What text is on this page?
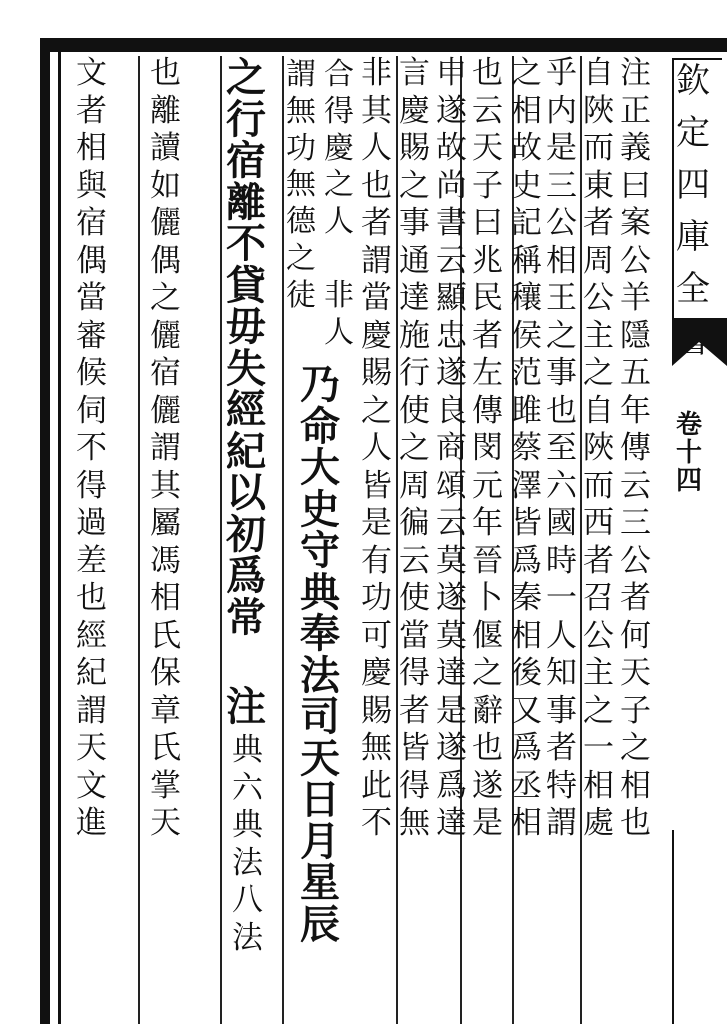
欽
定
四
庫
全
卷
十
四
注
正
義
曰
案
公
羊
隱
五
年
傳
云
三
公
者
何
天
子
之
相
也
自
陜
而
東
者
周
公
主
之
自
陜
而
西
者
召
公
主
之
一
相
處
乎
内
是
三
公
相
王
之
事
也
至
六
國
時
一
人
知
事
者
特
謂
之
相
故
史
記
稱
穰
侯
范
雎
蔡
澤
皆
爲
秦
相
後
又
爲
丞
相
也
云
天
子
曰
兆
民
者
左
傳
閔
元
年
晉
卜
偃
之
辭
也
遂
是
申
遂
故
尚
書
云
顯
忠
遂
良
商
頌
云
莫
遂
莫
達
是
遂
爲
達
言
慶
賜
之
事
通
達
施
行
使
之
周
徧
云
使
當
得
者
皆
得
無
非
其
人
也
者
謂
當
慶
賜
之
人
皆
是
有
功
可
慶
賜
無
此
不
合
得
慶
之
人

非
人
謂
無
功
無
德
之
徒
乃
命
大
史
守
典
奉
法
司
天
日
月
星
辰
之
行
宿
離
不
貸
毋
失
經
紀
以
初
爲
常
注
典
六
典
法
八
法
也
離
讀
如
儷
偶
之
儷
宿
儷
謂
其
屬
馮
相
氏
保
章
氏
掌
天
文
者
相
與
宿
偶
當
審
候
伺
不
得
過
差
也
經
紀
謂
天
文
進
